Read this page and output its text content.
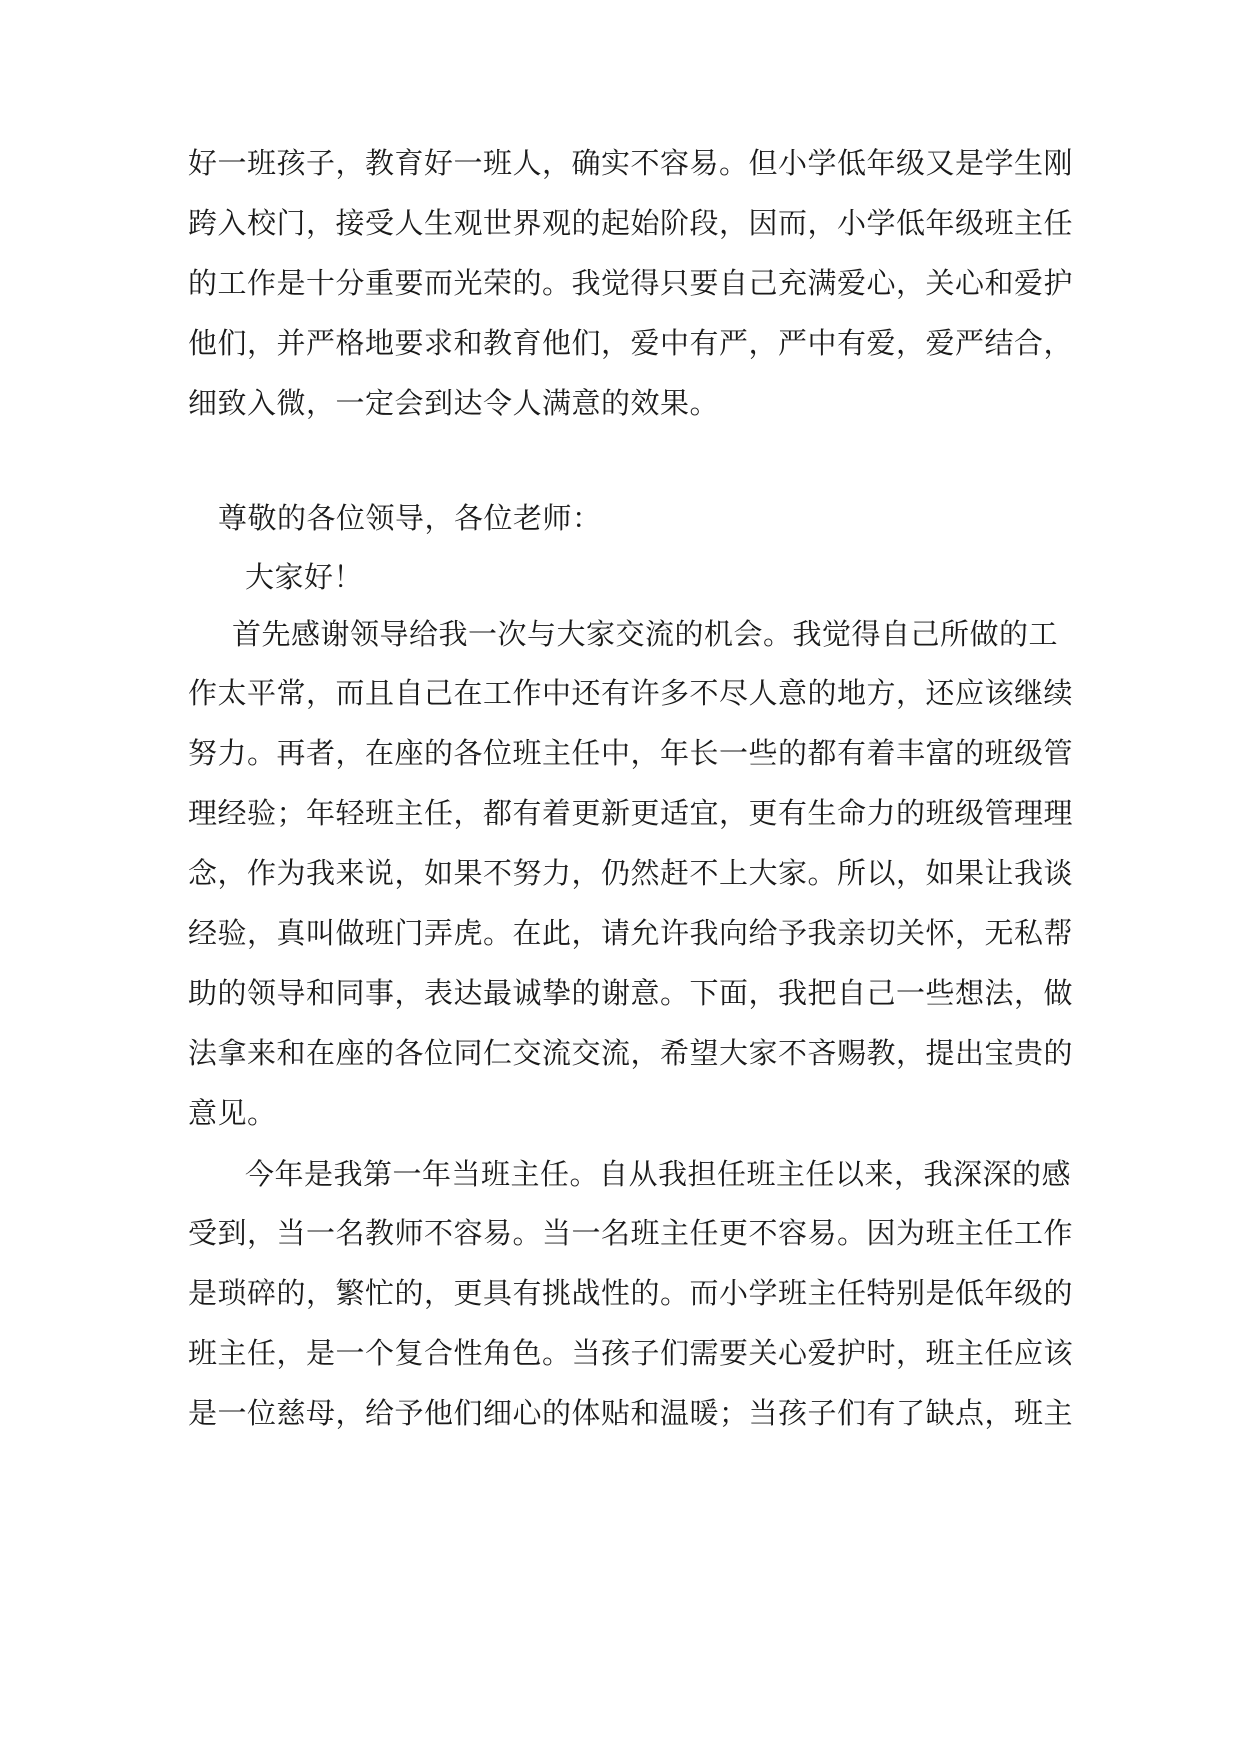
好一班孩子，教育好一班人，确实不容易。但小学低年级又是学生刚

跨入校门，接受人生观世界观的起始阶段，因而，小学低年级班主任

的工作是十分重要而光荣的。我觉得只要自己充满爱心，关心和爱护

他们，并严格地要求和教育他们，爱中有严，严中有爱，爱严结合，

细致入微，一定会到达令人满意的效果。

尊敬的各位领导，各位老师：

大家好！

首先感谢领导给我一次与大家交流的机会。我觉得自己所做的工

作太平常，而且自己在工作中还有许多不尽人意的地方，还应该继续

努力。再者，在座的各位班主任中，年长一些的都有着丰富的班级管

理经验；年轻班主任，都有着更新更适宜，更有生命力的班级管理理

念，作为我来说，如果不努力，仍然赶不上大家。所以，如果让我谈

经验，真叫做班门弄虎。在此，请允许我向给予我亲切关怀，无私帮

助的领导和同事，表达最诚挚的谢意。下面，我把自己一些想法，做

法拿来和在座的各位同仁交流交流，希望大家不吝赐教，提出宝贵的

意见。

今年是我第一年当班主任。自从我担任班主任以来，我深深的感

受到，当一名教师不容易。当一名班主任更不容易。因为班主任工作

是琐碎的，繁忙的，更具有挑战性的。而小学班主任特别是低年级的

班主任，是一个复合性角色。当孩子们需要关心爱护时，班主任应该

是一位慈母，给予他们细心的体贴和温暖；当孩子们有了缺点，班主
